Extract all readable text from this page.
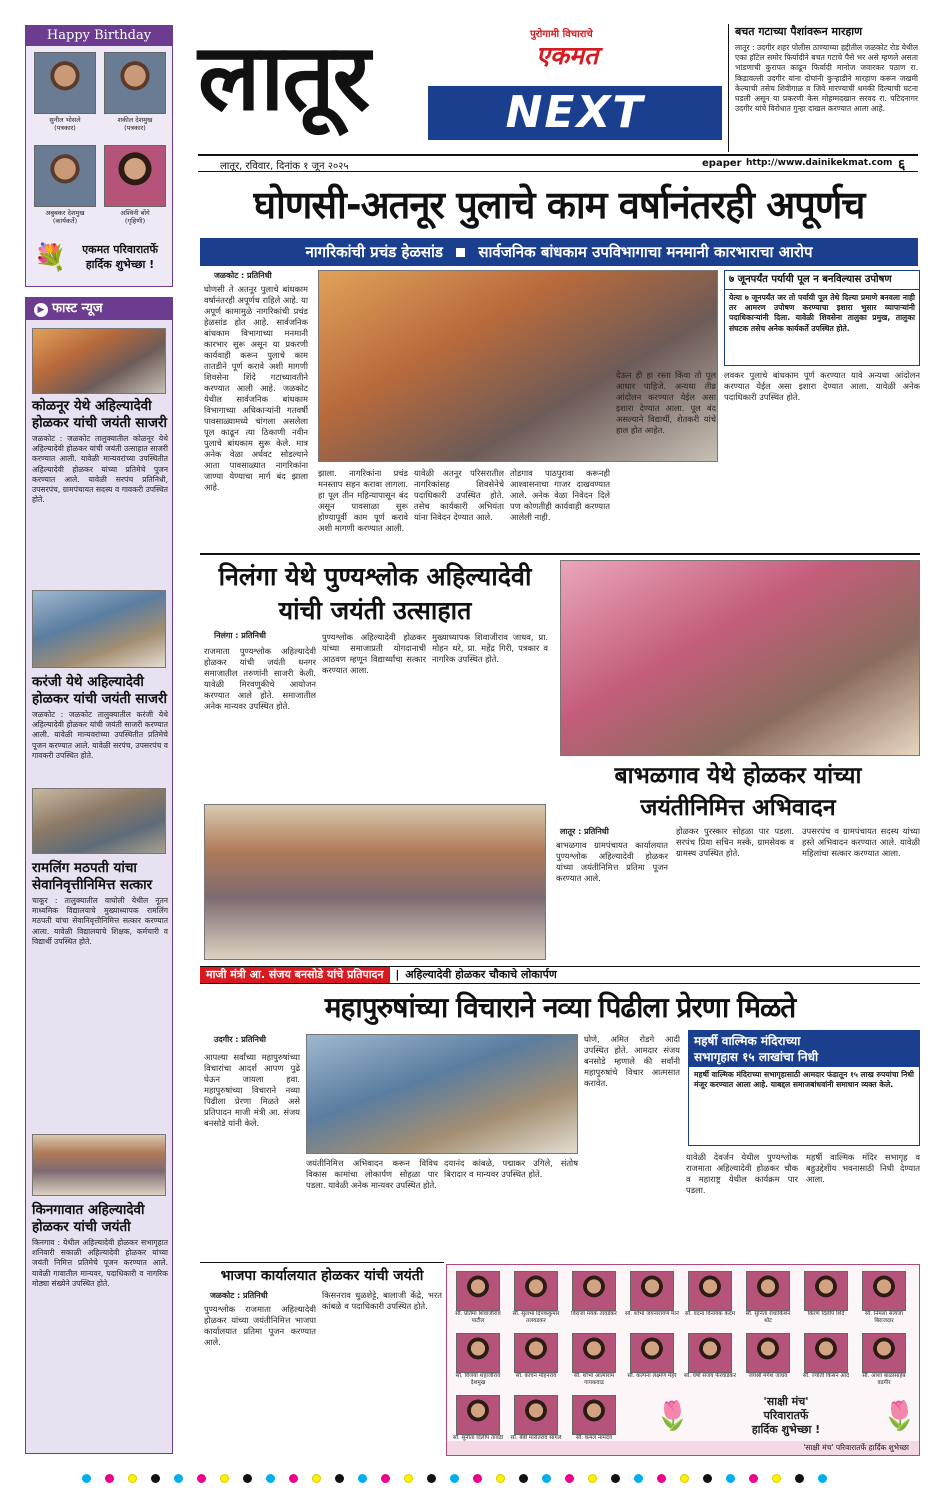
Happy Birthday
सुनील भोसले
(पत्रकार)
शकील देशमुख
(पत्रकार)
अबुबकर देशमुख
(कार्यकर्ते)
अश्विनी बोंगे
(गृहिणी)
💐	एकमत परिवारातर्फे
हार्दिक शुभेच्छा !
▶ फास्ट न्यूज
कोळनूर येथे अहिल्यादेवी होळकर यांची जयंती साजरी
जळकोट : जळकोट तालुक्यातील कोळनूर येथे अहिल्यादेवी होळकर यांची जयंती उत्साहात साजरी करण्यात आली. यावेळी मान्यवरांच्या उपस्थितीत अहिल्यादेवी होळकर यांच्या प्रतिमेचे पूजन करण्यात आले. यावेळी सरपंच प्रतिनिधी, उपसरपंच, ग्रामपंचायत सदस्य व गावकरी उपस्थित होते.
करंजी येथे अहिल्यादेवी होळकर यांची जयंती साजरी
जळकोट : जळकोट तालुक्यातील करंजी येथे अहिल्यादेवी होळकर यांची जयंती साजरी करण्यात आली. यावेळी मान्यवरांच्या उपस्थितीत प्रतिमेचे पूजन करण्यात आले. यावेळी सरपंच, उपसरपंच व गावकरी उपस्थित होते.
रामलिंग मठपती यांचा सेवानिवृत्तीनिमित्त सत्कार
चाकूर : तालुक्यातील वाघोली येथील नूतन माध्यमिक विद्यालयाचे मुख्याध्यापक रामलिंग मठपती यांचा सेवानिवृत्तीनिमित्त सत्कार करण्यात आला. यावेळी विद्यालयाचे शिक्षक, कर्मचारी व विद्यार्थी उपस्थित होते.
किनगावात अहिल्यादेवी होळकर यांची जयंती
किनगाव : येथील अहिल्यादेवी होळकर सभागृहात शनिवारी सकाळी अहिल्यादेवी होळकर यांच्या जयंती निमित्त प्रतिमेचे पूजन करण्यात आले. यावेळी गावातील मान्यवर, पदाधिकारी व नागरिक मोठ्या संख्येने उपस्थित होते.
लातूर	पुरोगामी विचाराचे
एकमत
NEXT
लातूर, रविवार, दिनांक १ जून २०२५	epaper http://www.dainikekmat.com ६
बचत गटाच्या पैशांवरून मारहाण
लातूर : उदगीर शहर पोलीस ठाण्याच्या हद्दीतील जळकोट रोड येथील एका हॉटेल समोर फिर्यादीने बचत गटाचे पैसे भर असे म्हणले असता भांडणाची कुरापत काढून फिर्यादी मानोज जवारकर पठाण रा. किडावल्ली उदगीर यांना दोघांनी कुऱ्हाडीने मारहाण करून जखमी केल्याची तसेच शिवीगाळ व जिवे मारण्याची धमकी दिल्याची घटना घडली असून या प्रकरणी केस मोहम्मदखान सरवद रा. पटिदनागर उदगीर यांचे विरोधात गुन्हा दाखल करण्यात आला आहे.
घोणसी-अतनूर पुलाचे काम वर्षानंतरही अपूर्णच
नागरिकांची प्रचंड हेळसांड सार्वजनिक बांधकाम उपविभागाचा मनमानी कारभाराचा आरोप
जळकोट : प्रतिनिधी
घोणसी ते अतनूर पुलाचे बांधकाम वर्षानंतरही अपूर्णच राहिले आहे. या अपूर्ण कामामुळे नागरिकांची प्रचंड हेळसांड होत आहे. सार्वजनिक बांधकाम विभागाच्या मनमानी कारभार सुरू असून या प्रकरणी कार्यवाही करून पुलाचे काम तातडीने पूर्ण करावे अशी मागणी शिवसेना शिंदे गटाच्यावतीने करण्यात आली आहे. जळकोट येथील सार्वजनिक बांधकाम विभागाच्या अधिकाऱ्यांनी गतवर्षी पावसाळ्यामध्ये चांगला असलेला पूल काढून त्या ठिकाणी नवीन पुलाचे बांधकाम सुरू केले. मात्र अनेक वेळा अर्धवट सोडल्याने आता पावसाळ्यात नागरिकांना जाण्या येण्याचा मार्ग बंद झाला आहे.
झाला. नागरिकांना प्रचंड मनस्ताप सहन करावा लागला. हा पूल तीन महिन्यापासून बंद असून पावसाळा सुरू होण्यापूर्वी काम पूर्ण करावे अशी मागणी करण्यात आली.
यावेळी अतनूर परिसरातील नागरिकांसह शिवसेनेचे पदाधिकारी उपस्थित होते. तसेच कार्यकारी अभियंता यांना निवेदन देण्यात आले.
तोडगाव पाठपुरावा करूनही आश्वासनाचा गाजर दाखवण्यात आले. अनेक वेळा निवेदन दिले पण कोणतीही कार्यवाही करण्यात आलेली नाही.
७ जूनपर्यंत पर्यायी पूल न बनविल्यास उपोषण
येत्या ७ जूनपर्यंत जर तो पर्यायी पूल तेथे दिल्या प्रमाणे बनवला नाही तर आमरण उपोषण करण्याचा इशारा भुसार व्यापाऱ्यांनी पदाधिकाऱ्यांनी दिला. यावेळी शिवसेना तालुका प्रमुख, तालुका संघटक तसेच अनेक कार्यकर्ते उपस्थित होते.
देऊन ही हा रस्ता किंवा तो पूल आधार पाहिजे. अन्यथा तीव्र आंदोलन करण्यात येईल असा इशारा देण्यात आला. पूल बंद असल्याने विद्यार्थी, शेतकरी यांचे हाल होत आहेत.
लवकर पुलाचे बांधकाम पूर्ण करण्यात यावे अन्यथा आंदोलन करण्यात येईल असा इशारा देण्यात आला. यावेळी अनेक पदाधिकारी उपस्थित होते.
निलंगा येथे पुण्यश्लोक अहिल्यादेवी
यांची जयंती उत्साहात
निलंगा : प्रतिनिधी
राजमाता पुण्यश्लोक अहिल्यादेवी होळकर यांची जयंती धनगर समाजातील तरुणांनी साजरी केली. यावेळी मिरवणुकीचे आयोजन करण्यात आले होते. समाजातील अनेक मान्यवर उपस्थित होते.
पुण्यश्लोक अहिल्यादेवी होळकर यांच्या समाजाप्रती योगदानाची आठवण म्हणून विद्यार्थ्यांचा सत्कार करण्यात आला.
मुख्याध्यापक शिवाजीराव जाधव, प्रा. मोहन थरे, प्रा. महेंद्र गिरी, पत्रकार व नागरिक उपस्थित होते.
बाभळगाव येथे होळकर यांच्या
जयंतीनिमित्त अभिवादन
लातूर : प्रतिनिधी
बाभळगाव ग्रामपंचायत कार्यालयात पुण्यश्लोक अहिल्यादेवी होळकर यांच्या जयंतीनिमित्त प्रतिमा पूजन करण्यात आले.
होळकर पुरस्कार सोहळा पार पडला. सरपंच प्रिया सचिन मस्के, ग्रामसेवक व ग्रामस्थ उपस्थित होते.
उपसरपंच व ग्रामपंचायत सदस्य यांच्या हस्ते अभिवादन करण्यात आले. यावेळी महिलांचा सत्कार करण्यात आला.
माजी मंत्री आ. संजय बनसोडे यांचे प्रतिपादन | अहिल्यादेवी होळकर चौकाचे लोकार्पण
महापुरुषांच्या विचाराने नव्या पिढीला प्रेरणा मिळते
उदगीर : प्रतिनिधी
आपल्या सर्वांच्या महापुरुषांच्या विचारांचा आदर्श आपण पुढे घेऊन जायला हवा. महापुरुषांच्या विचाराने नव्या पिढीला प्रेरणा मिळते असे प्रतिपादन माजी मंत्री आ. संजय बनसोडे यांनी केले.
जयंतीनिमित्त अभिवादन करून विविध विकास कामांचा लोकार्पण सोहळा पार पडला. यावेळी अनेक मान्यवर उपस्थित होते.
दयानंद कांबळे, पद्माकर उगिले, संतोष बिरादार व मान्यवर उपस्थित होते.
घोणे, अमित रोडगे आदी उपस्थित होते. आमदार संजय बनसोडे म्हणाले की सर्वांनी महापुरुषांचे विचार आत्मसात करावेत.
महर्षी वाल्मिक मंदिराच्या
सभागृहास १५ लाखांचा निधी
महर्षी वाल्मिक मंदिराच्या सभागृहासाठी आमदार फंडातून १५ लाख रुपयांचा निधी मंजूर करण्यात आला आहे. याबद्दल समाजबांधवांनी समाधान व्यक्त केले.
यावेळी देवर्जन येथील पुण्यश्लोक राजमाता अहिल्यादेवी होळकर चौक व महाराष्ट्र येथील कार्यक्रम पार पडला.
महर्षी वाल्मिक मंदिर सभागृह व बहुउद्देशीय भवनासाठी निधी देण्यात आला.
भाजपा कार्यालयात होळकर यांची जयंती
जळकोट : प्रतिनिधी
पुण्यश्लोक राजमाता अहिल्यादेवी होळकर यांच्या जयंतीनिमित्त भाजपा कार्यालयात प्रतिमा पूजन करण्यात आले.
किसनराव धुळशेट्टे, बालाजी केंद्रे, भरत कांबळे व पदाधिकारी उपस्थित होते.
सौ. प्रतिमा शिवाजीराव पाटील
सौ. सुलभा दिपककुमार तलवडकर
विराजा मयंक तावडेकर	सौ. शोभा जयनारायण माने	सौ. वंदना विनायक कदम	सौ. सुनिता राधाकिशन थोट
किरण दिलीप शिंदे	सौ. निमला सत्यजा बिराजदार
सौ. विजया शहाजीराव देशमुख
सौ. कांचन मोहनराव	सौ. शोभा आत्माराम गायकवाड
सौ. कल्पना लक्ष्मण मेहेरे	सौ. वर्षा संजय फेरवाडकर	जयश्री मंगेश जाधव	सौ. ज्योती किसन आदे	सौ. आशा बाळासाहेब वडगीर
सौ. सुनीता दिलीप तावडी	सौ. बेबी मारोतराव सांगले	सौ. कमल नामदेव
🌷	🌷
'साक्षी मंच'
परिवारातर्फे
हार्दिक शुभेच्छा !
'साक्षी मंच' परिवारातर्फे हार्दिक शुभेच्छा
